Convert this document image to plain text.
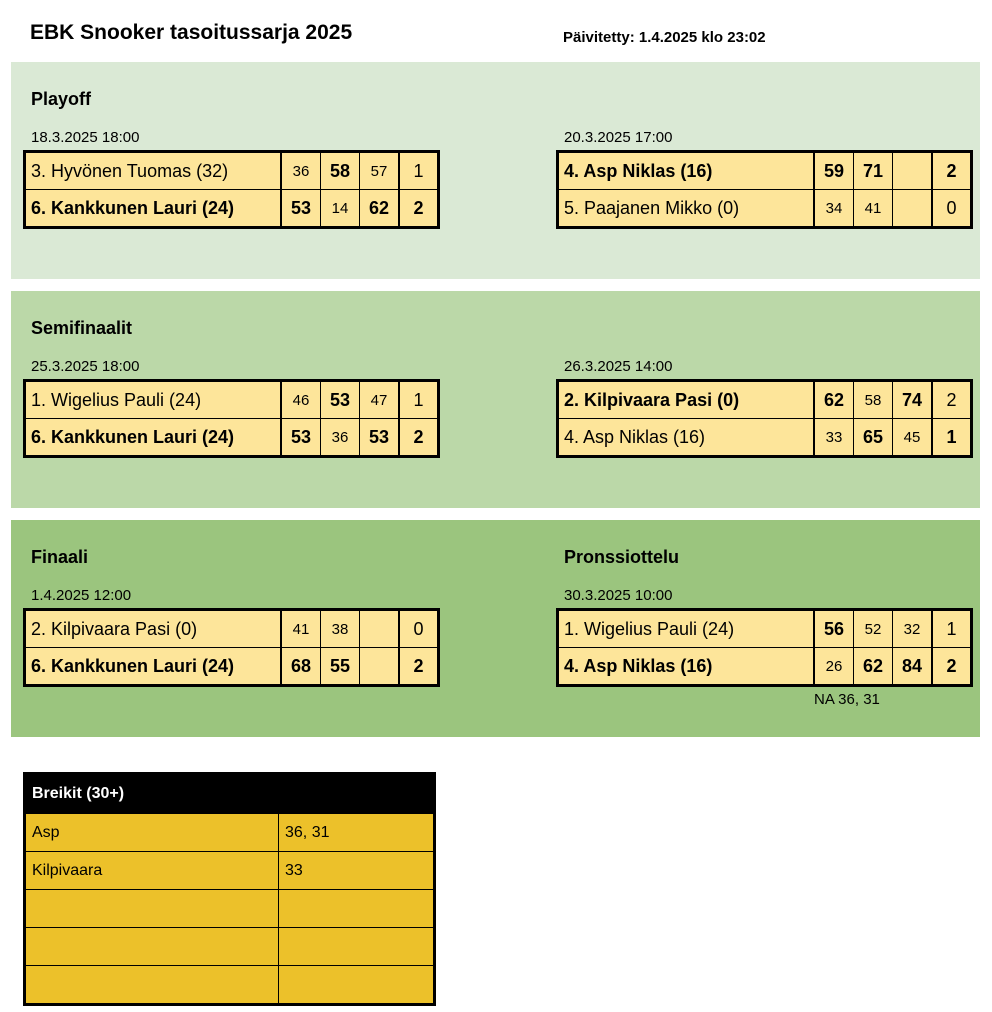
EBK Snooker tasoitussarja 2025	Päivitetty: 1.4.2025 klo 23:02
Playoff
18.3.2025 18:00
3. Hyvönen Tuomas (32)	36	58	57	1
6. Kankkunen Lauri (24)	53	14	62	2
20.3.2025 17:00
4. Asp Niklas (16)	59	71		2
5. Paajanen Mikko (0)	34	41		0
Semifinaalit
25.3.2025 18:00
1. Wigelius Pauli (24)	46	53	47	1
6. Kankkunen Lauri (24)	53	36	53	2
26.3.2025 14:00
2. Kilpivaara Pasi (0)	62	58	74	2
4. Asp Niklas (16)	33	65	45	1
Finaali	Pronssiottelu
1.4.2025 12:00
2. Kilpivaara Pasi (0)	41	38		0
6. Kankkunen Lauri (24)	68	55		2
30.3.2025 10:00
1. Wigelius Pauli (24)	56	52	32	1
4. Asp Niklas (16)	26	62	84	2
NA 36, 31
Breikit (30+)	
Asp	36, 31
Kilpivaara	33
